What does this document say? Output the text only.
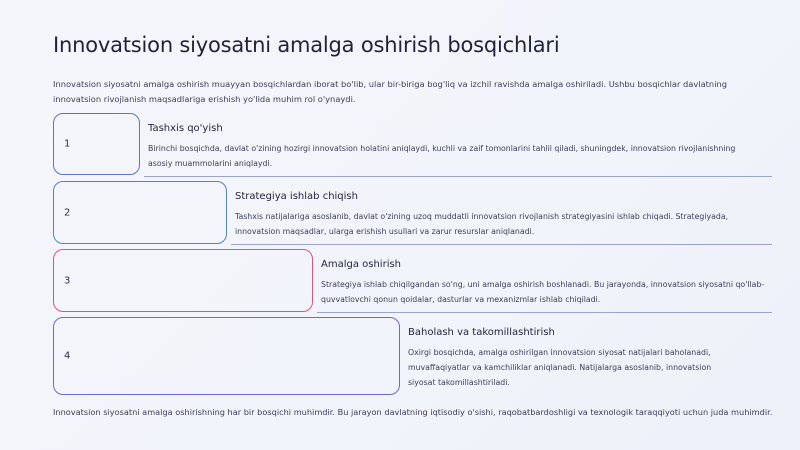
Innovatsion siyosatni amalga oshirish bosqichlari
Innovatsion siyosatni amalga oshirish muayyan bosqichlardan iborat bo'lib, ular bir-biriga bog'liq va izchil ravishda amalga oshiriladi. Ushbu bosqichlar davlatning innovatsion rivojlanish maqsadlariga erishish yo'lida muhim rol o'ynaydi.
1
Tashxis qo'yish
Birinchi bosqichda, davlat o'zining hozirgi innovatsion holatini aniqlaydi, kuchli va zaif tomonlarini tahlil qiladi, shuningdek, innovatsion rivojlanishning asosiy muammolarini aniqlaydi.
2
Strategiya ishlab chiqish
Tashxis natijalariga asoslanib, davlat o'zining uzoq muddatli innovatsion rivojlanish strategiyasini ishlab chiqadi. Strategiyada, innovatsion maqsadlar, ularga erishish usullari va zarur resurslar aniqlanadi.
3
Amalga oshirish
Strategiya ishlab chiqilgandan so'ng, uni amalga oshirish boshlanadi. Bu jarayonda, innovatsion siyosatni qo'llab-quvvatlovchi qonun qoidalar, dasturlar va mexanizmlar ishlab chiqiladi.
4
Baholash va takomillashtirish
Oxirgi bosqichda, amalga oshirilgan innovatsion siyosat natijalari baholanadi, muvaffaqiyatlar va kamchiliklar aniqlanadi. Natijalarga asoslanib, innovatsion siyosat takomillashtiriladi.
Innovatsion siyosatni amalga oshirishning har bir bosqichi muhimdir. Bu jarayon davlatning iqtisodiy o'sishi, raqobatbardoshligi va texnologik taraqqiyoti uchun juda muhimdir.
